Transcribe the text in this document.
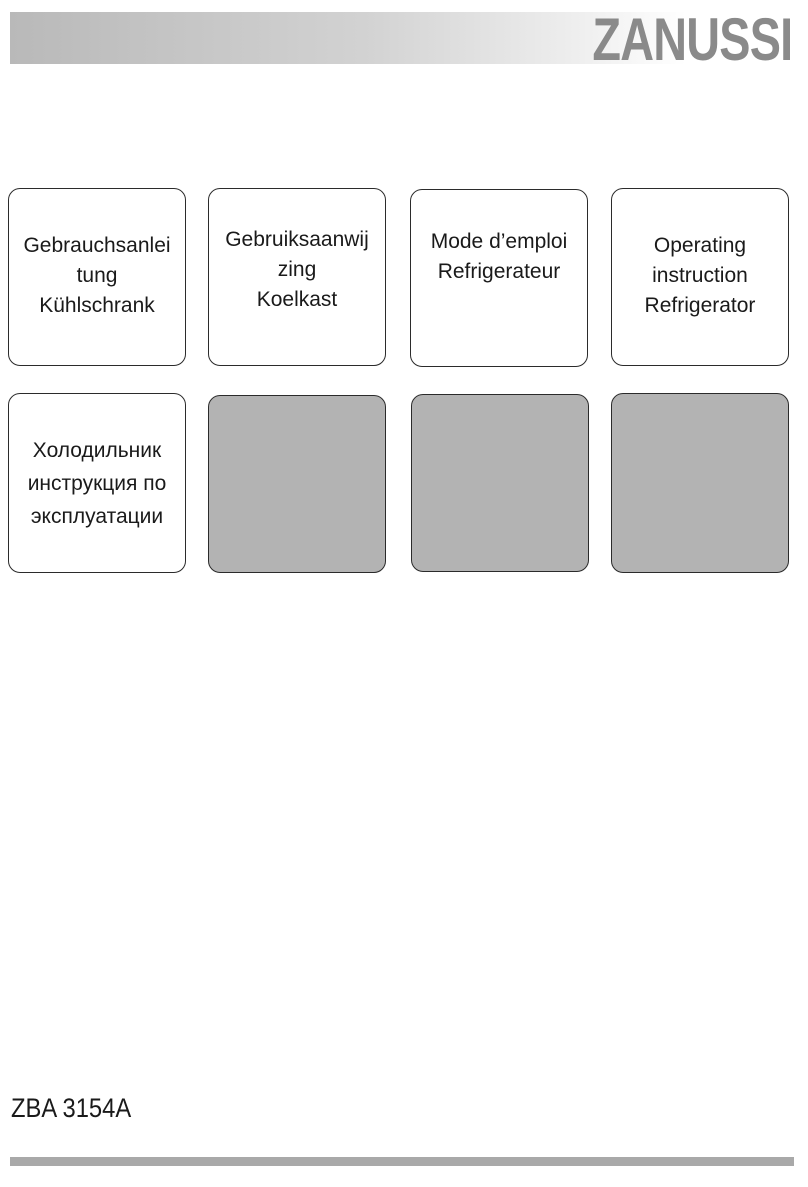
ZANUSSI
Gebrauchsanlei
tung
Kühlschrank
Gebruiksaanwij
zing
Koelkast
Mode d’emploi
Refrigerateur
Operating
instruction
Refrigerator
Холодильник
инструкция по
эксплуатации
ZBA 3154A
